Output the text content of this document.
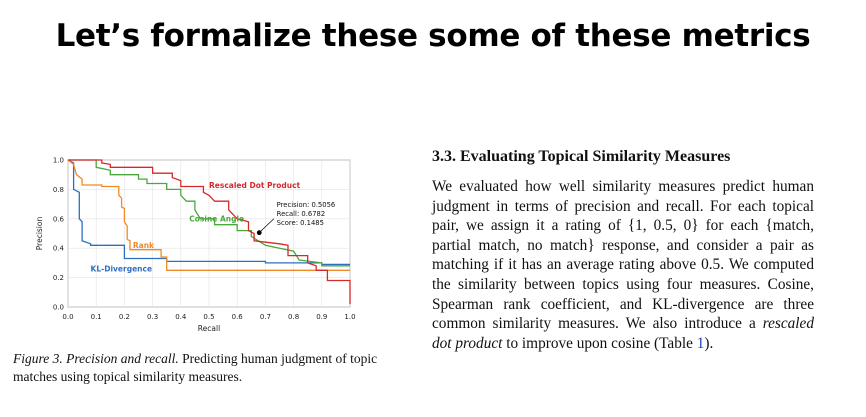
Let’s formalize these some of these metrics
0.0 0.1 0.2 0.3 0.4 0.5 0.6 0.7 0.8 0.9 1.0
0.0
0.2
0.4
0.6
0.8
1.0
Recall
Precision
Rescaled Dot Product
Cosine Angle
Rank
KL-Divergence
Precision: 0.5056
Recall: 0.6782
Score: 0.1485
Figure 3. Precision and recall. Predicting human judgment of topic matches using topical similarity measures.
3.3. Evaluating Topical Similarity Measures
We evaluated how well similarity measures predict human judgment in terms of precision and recall. For each topical pair, we assign it a rating of {1, 0.5, 0} for each {match, partial match, no match} response, and consider a pair as matching if it has an average rating above 0.5. We computed the similarity between topics using four measures. Cosine, Spearman rank coefficient, and KL-divergence are three common similarity measures. We also introduce a rescaled dot product to improve upon cosine (Table 1).
